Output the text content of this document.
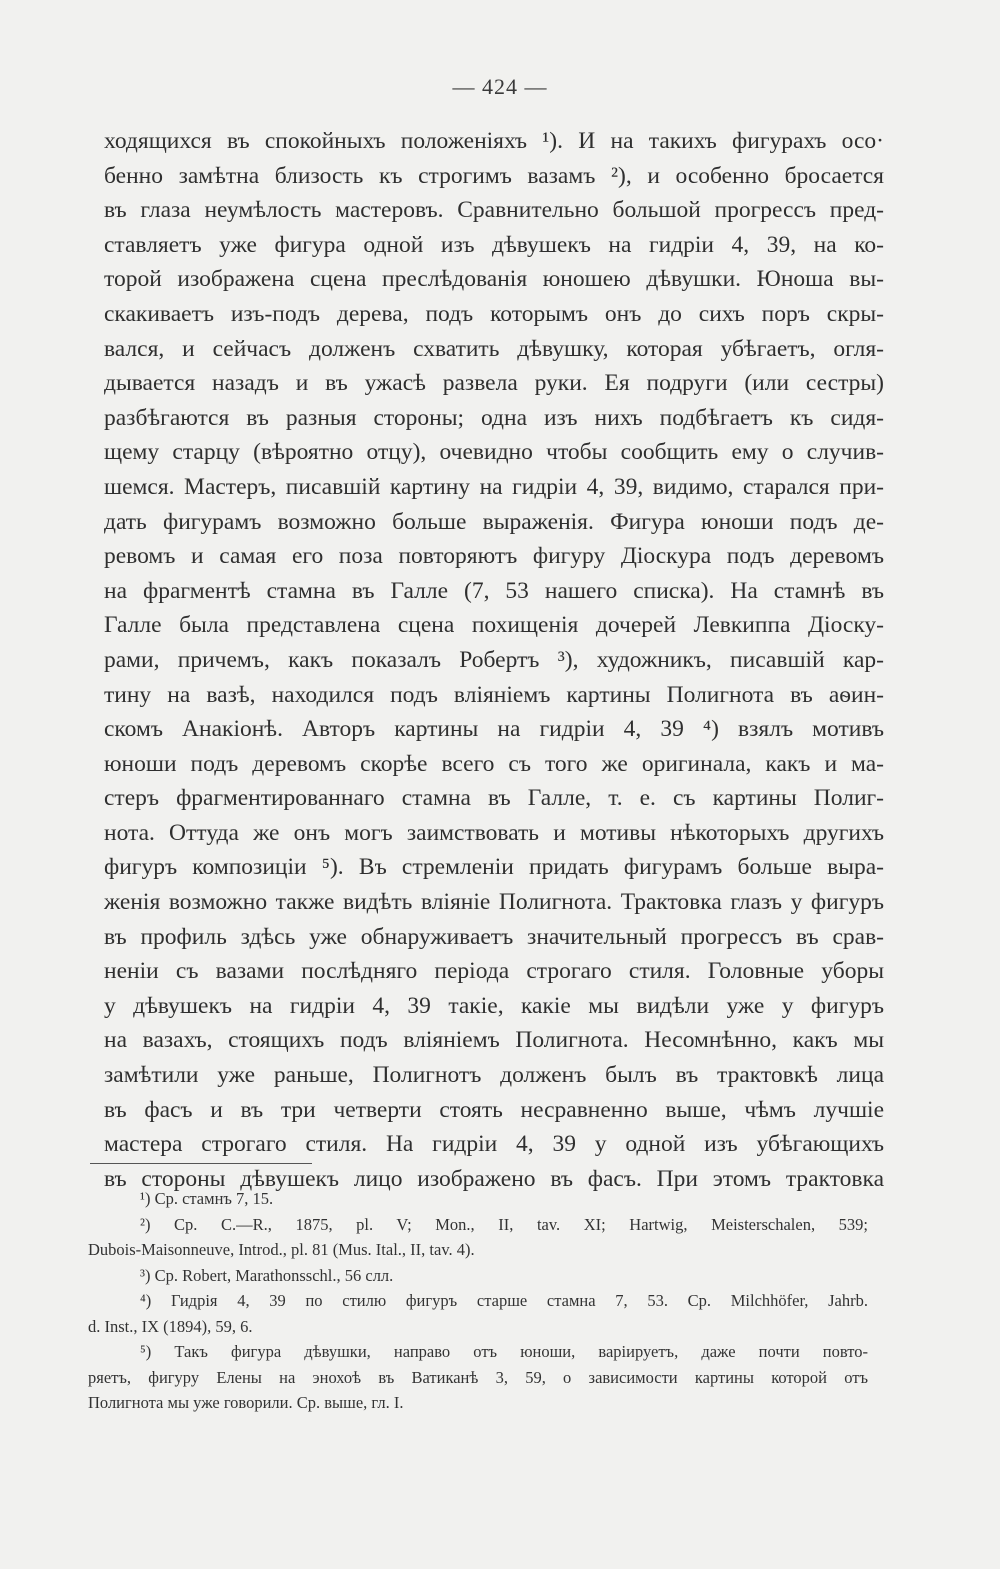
— 424 —
ходящихся въ спокойныхъ положеніяхъ ¹). И на такихъ фигурахъ осо·
бенно замѣтна близость къ строгимъ вазамъ ²), и особенно бросается
въ глаза неумѣлость мастеровъ. Сравнительно большой прогрессъ пред-
ставляетъ уже фигура одной изъ дѣвушекъ на гидріи 4, 39, на ко-
торой изображена сцена преслѣдованія юношею дѣвушки. Юноша вы-
скакиваетъ изъ-подъ дерева, подъ которымъ онъ до сихъ поръ скры-
вался, и сейчасъ долженъ схватить дѣвушку, которая убѣгаетъ, огля-
дывается назадъ и въ ужасѣ развела руки. Ея подруги (или сестры)
разбѣгаются въ разныя стороны; одна изъ нихъ подбѣгаетъ къ сидя-
щему старцу (вѣроятно отцу), очевидно чтобы сообщить ему о случив-
шемся. Мастеръ, писавшій картину на гидріи 4, 39, видимо, старался при-
дать фигурамъ возможно больше выраженія. Фигура юноши подъ де-
ревомъ и самая его поза повторяютъ фигуру Діоскура подъ деревомъ
на фрагментѣ стамна въ Галле (7, 53 нашего списка). На стамнѣ въ
Галле была представлена сцена похищенія дочерей Левкиппа Діоску-
рами, причемъ, какъ показалъ Робертъ ³), художникъ, писавшій кар-
тину на вазѣ, находился подъ вліяніемъ картины Полигнота въ аѳин-
скомъ Анакіонѣ. Авторъ картины на гидріи 4, 39 ⁴) взялъ мотивъ
юноши подъ деревомъ скорѣе всего съ того же оригинала, какъ и ма-
стеръ фрагментированнаго стамна въ Галле, т. е. съ картины Полиг-
нота. Оттуда же онъ могъ заимствовать и мотивы нѣкоторыхъ другихъ
фигуръ композиціи ⁵). Въ стремленіи придать фигурамъ больше выра-
женія возможно также видѣть вліяніе Полигнота. Трактовка глазъ у фигуръ
въ профиль здѣсь уже обнаруживаетъ значительный прогрессъ въ срав-
неніи съ вазами послѣдняго періода строгаго стиля. Головные уборы
у дѣвушекъ на гидріи 4, 39 такіе, какіе мы видѣли уже у фигуръ
на вазахъ, стоящихъ подъ вліяніемъ Полигнота. Несомнѣнно, какъ мы
замѣтили уже раньше, Полигнотъ долженъ былъ въ трактовкѣ лица
въ фасъ и въ три четверти стоять несравненно выше, чѣмъ лучшіе
мастера строгаго стиля. На гидріи 4, 39 у одной изъ убѣгающихъ
въ стороны дѣвушекъ лицо изображено въ фасъ. При этомъ трактовка
¹) Ср. стамнъ 7, 15.
²) Ср. C.—R., 1875, pl. V; Mon., II, tav. XI; Hartwig, Meisterschalen, 539;
Dubois-Maisonneuve, Introd., pl. 81 (Mus. Ital., II, tav. 4).
³) Ср. Robert, Marathonsschl., 56 слл.
⁴) Гидрія 4, 39 по стилю фигуръ старше стамна 7, 53. Ср. Milchhöfer, Jahrb.
d. Inst., IX (1894), 59, 6.
⁵) Такъ фигура дѣвушки, направо отъ юноши, варіируетъ, даже почти повто-
ряетъ, фигуру Елены на энохоѣ въ Ватиканѣ 3, 59, о зависимости картины которой отъ
Полигнота мы уже говорили. Ср. выше, гл. I.
